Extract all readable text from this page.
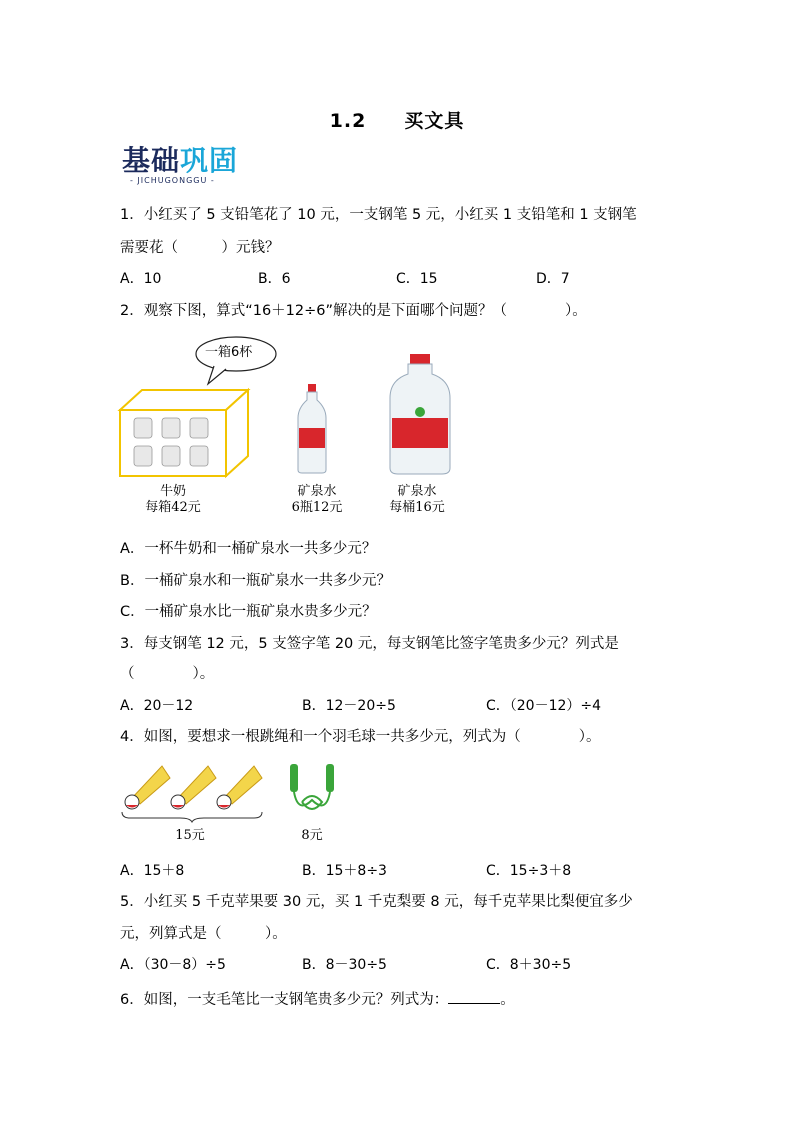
1.2 买文具
基础巩固
- JICHUGONGGU -
1．小红买了 5 支铅笔花了 10 元，一支钢笔 5 元，小红买 1 支铅笔和 1 支钢笔
需要花（　　　）元钱？
A．10	B．6	C．15	D．7
2．观察下图，算式“16＋12÷6”解决的是下面哪个问题？（　　　　）。
一箱6杯
牛奶
每箱42元
矿泉水
6瓶12元
矿泉水
每桶16元
A．一杯牛奶和一桶矿泉水一共多少元？
B．一桶矿泉水和一瓶矿泉水一共多少元？
C．一桶矿泉水比一瓶矿泉水贵多少元？
3．每支钢笔 12 元，5 支签字笔 20 元，每支钢笔比签字笔贵多少元？列式是
（　　　　）。
A．20－12	B．12－20÷5	C．（20－12）÷4
4．如图，要想求一根跳绳和一个羽毛球一共多少元，列式为（　　　　）。
15元	8元
A．15＋8	B．15＋8÷3	C．15÷3＋8
5．小红买 5 千克苹果要 30 元，买 1 千克梨要 8 元，每千克苹果比梨便宜多少
元，列算式是（　　　）。
A．（30－8）÷5	B．8－30÷5	C．8＋30÷5
6．如图，一支毛笔比一支钢笔贵多少元？列式为：	。
